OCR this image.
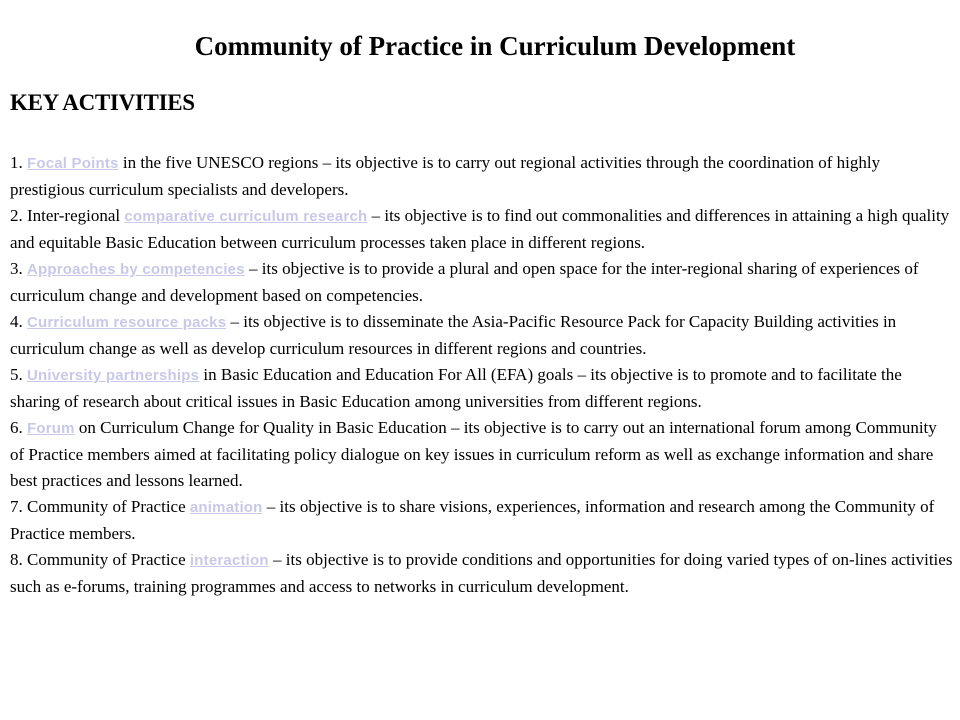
Community of Practice in Curriculum Development
KEY ACTIVITIES

1. Focal Points in the five UNESCO regions – its objective is to carry out regional activities through the coordination of highly prestigious curriculum specialists and developers.

2. Inter-regional comparative curriculum research – its objective is to find out commonalities and differences in attaining a high quality and equitable Basic Education between curriculum processes taken place in different regions.

3. Approaches by competencies – its objective is to provide a plural and open space for the inter-regional sharing of experiences of curriculum change and development based on competencies.

4. Curriculum resource packs – its objective is to disseminate the Asia-Pacific Resource Pack for Capacity Building activities in curriculum change as well as develop curriculum resources in different regions and countries.

5. University partnerships in Basic Education and Education For All (EFA) goals – its objective is to promote and to facilitate the sharing of research about critical issues in Basic Education among universities from different regions.

6. Forum on Curriculum Change for Quality in Basic Education – its objective is to carry out an international forum among Community of Practice members aimed at facilitating policy dialogue on key issues in curriculum reform as well as exchange information and share best practices and lessons learned.

7. Community of Practice animation – its objective is to share visions, experiences, information and research among the Community of Practice members.

8. Community of Practice interaction – its objective is to provide conditions and opportunities for doing varied types of on-lines activities such as e-forums, training programmes and access to networks in curriculum development.
